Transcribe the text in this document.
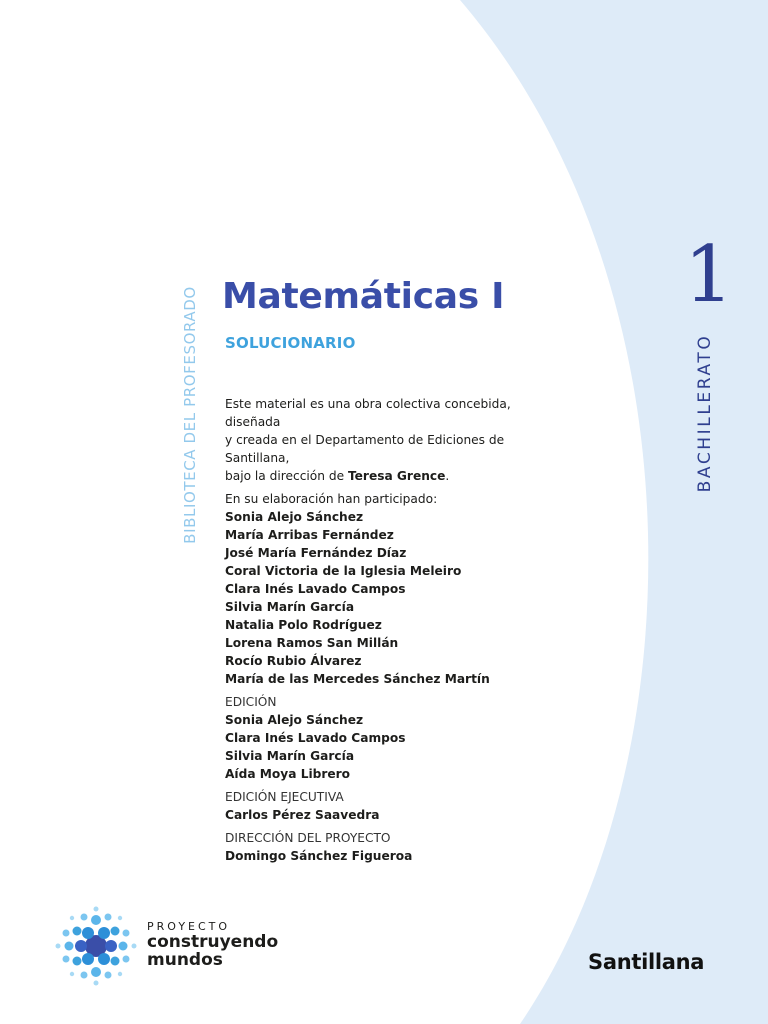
BIBLIOTECA DEL PROFESORADO
1
BACHILLERATO
Matemáticas I
SOLUCIONARIO

Este material es una obra colectiva concebida, diseñada

y creada en el Departamento de Ediciones de Santillana,

bajo la dirección de Teresa Grence.

En su elaboración han participado:

Sonia Alejo Sánchez

María Arribas Fernández

José María Fernández Díaz

Coral Victoria de la Iglesia Meleiro

Clara Inés Lavado Campos

Silvia Marín García

Natalia Polo Rodríguez

Lorena Ramos San Millán

Rocío Rubio Álvarez

María de las Mercedes Sánchez Martín

EDICIÓN

Sonia Alejo Sánchez

Clara Inés Lavado Campos

Silvia Marín García

Aída Moya Librero

EDICIÓN EJECUTIVA

Carlos Pérez Saavedra

DIRECCIÓN DEL PROYECTO

Domingo Sánchez Figueroa

PROYECTO
construyendo
mundos	Santillana
